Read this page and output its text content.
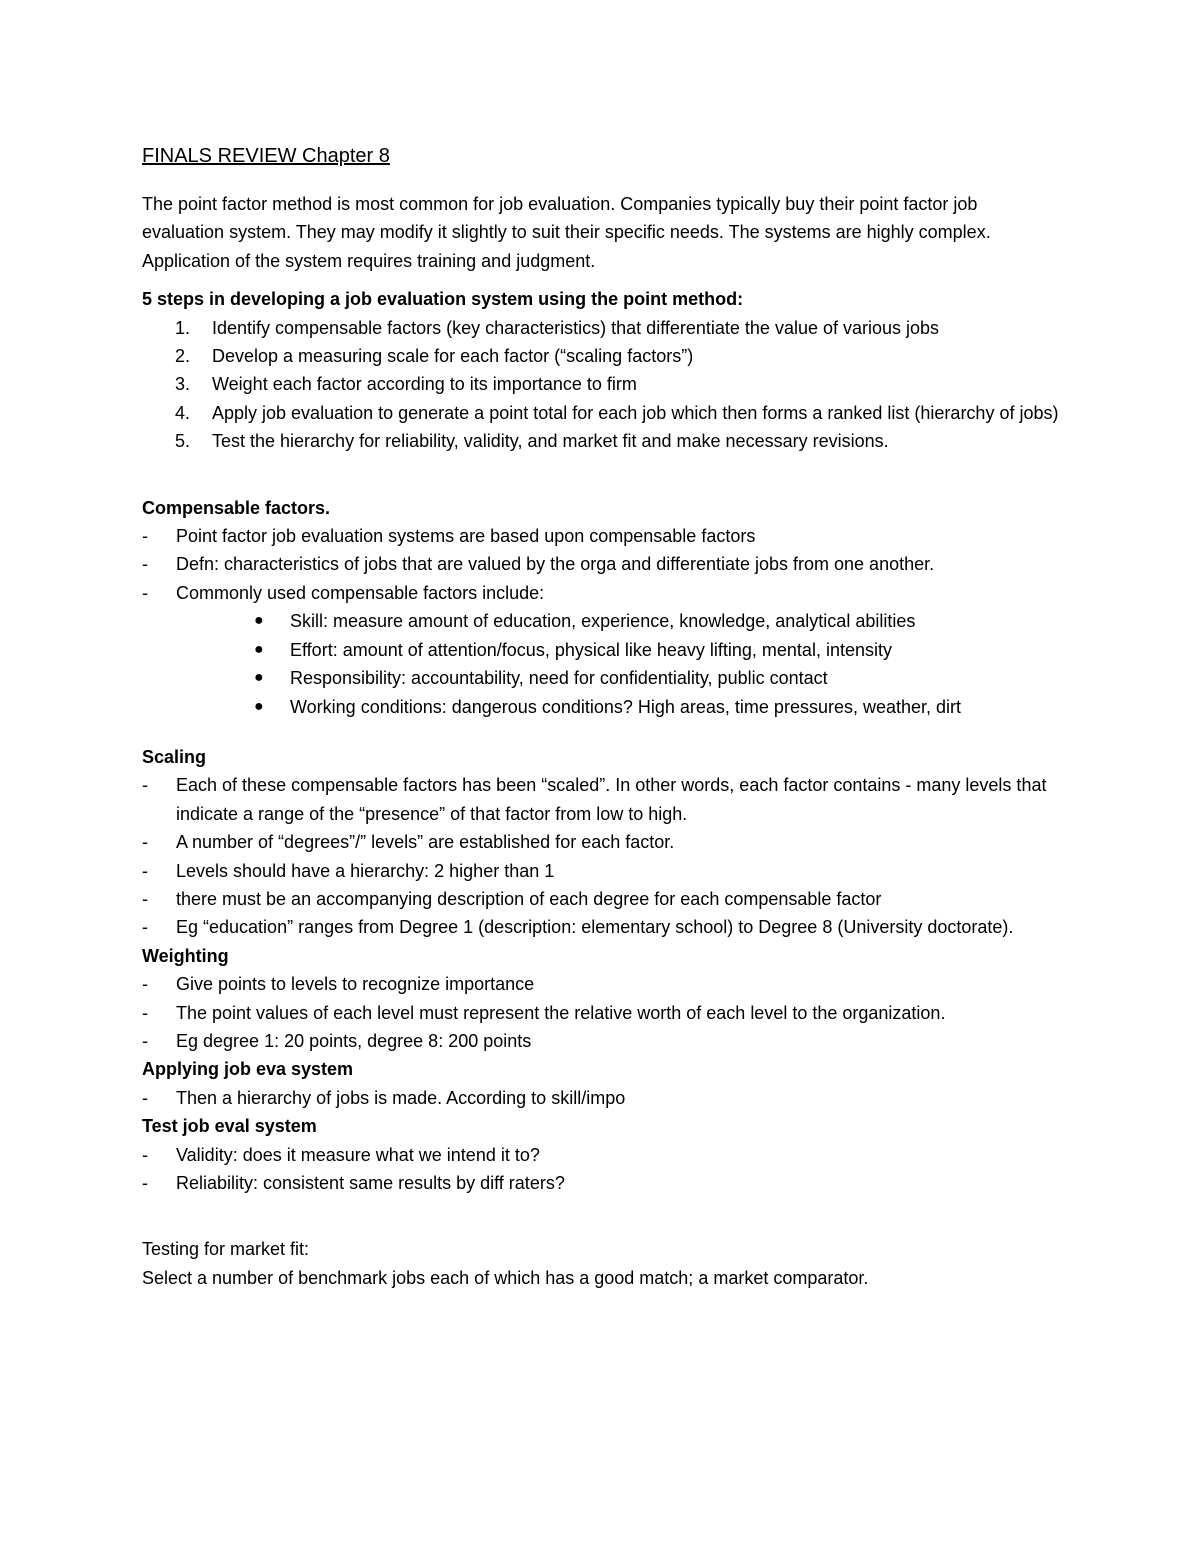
FINALS REVIEW Chapter 8

The point factor method is most common for job evaluation. Companies typically buy their point factor job evaluation system. They may modify it slightly to suit their specific needs. The systems are highly complex. Application of the system requires training and judgment.

5 steps in developing a job evaluation system using the point method:

1. Identify compensable factors (key characteristics) that differentiate the value of various jobs
2. Develop a measuring scale for each factor (“scaling factors”)
3. Weight each factor according to its importance to firm
4. Apply job evaluation to generate a point total for each job which then forms a ranked list (hierarchy of jobs)
5. Test the hierarchy for reliability, validity, and market fit and make necessary revisions.

Compensable factors.

- Point factor job evaluation systems are based upon compensable factors
- Defn: characteristics of jobs that are valued by the orga and differentiate jobs from one another.
- Commonly used compensable factors include:
● Skill: measure amount of education, experience, knowledge, analytical abilities
● Effort: amount of attention/focus, physical like heavy lifting, mental, intensity
● Responsibility: accountability, need for confidentiality, public contact
● Working conditions: dangerous conditions? High areas, time pressures, weather, dirt

Scaling

- Each of these compensable factors has been “scaled”. In other words, each factor contains - many levels that indicate a range of the “presence” of that factor from low to high.
- A number of “degrees”/” levels” are established for each factor.
- Levels should have a hierarchy: 2 higher than 1
- there must be an accompanying description of each degree for each compensable factor
- Eg “education” ranges from Degree 1 (description: elementary school) to Degree 8 (University doctorate).

Weighting

- Give points to levels to recognize importance
- The point values of each level must represent the relative worth of each level to the organization.
- Eg degree 1: 20 points, degree 8: 200 points

Applying job eva system

- Then a hierarchy of jobs is made. According to skill/impo

Test job eval system

- Validity: does it measure what we intend it to?
- Reliability: consistent same results by diff raters?

Testing for market fit:

Select a number of benchmark jobs each of which has a good match; a market comparator.
